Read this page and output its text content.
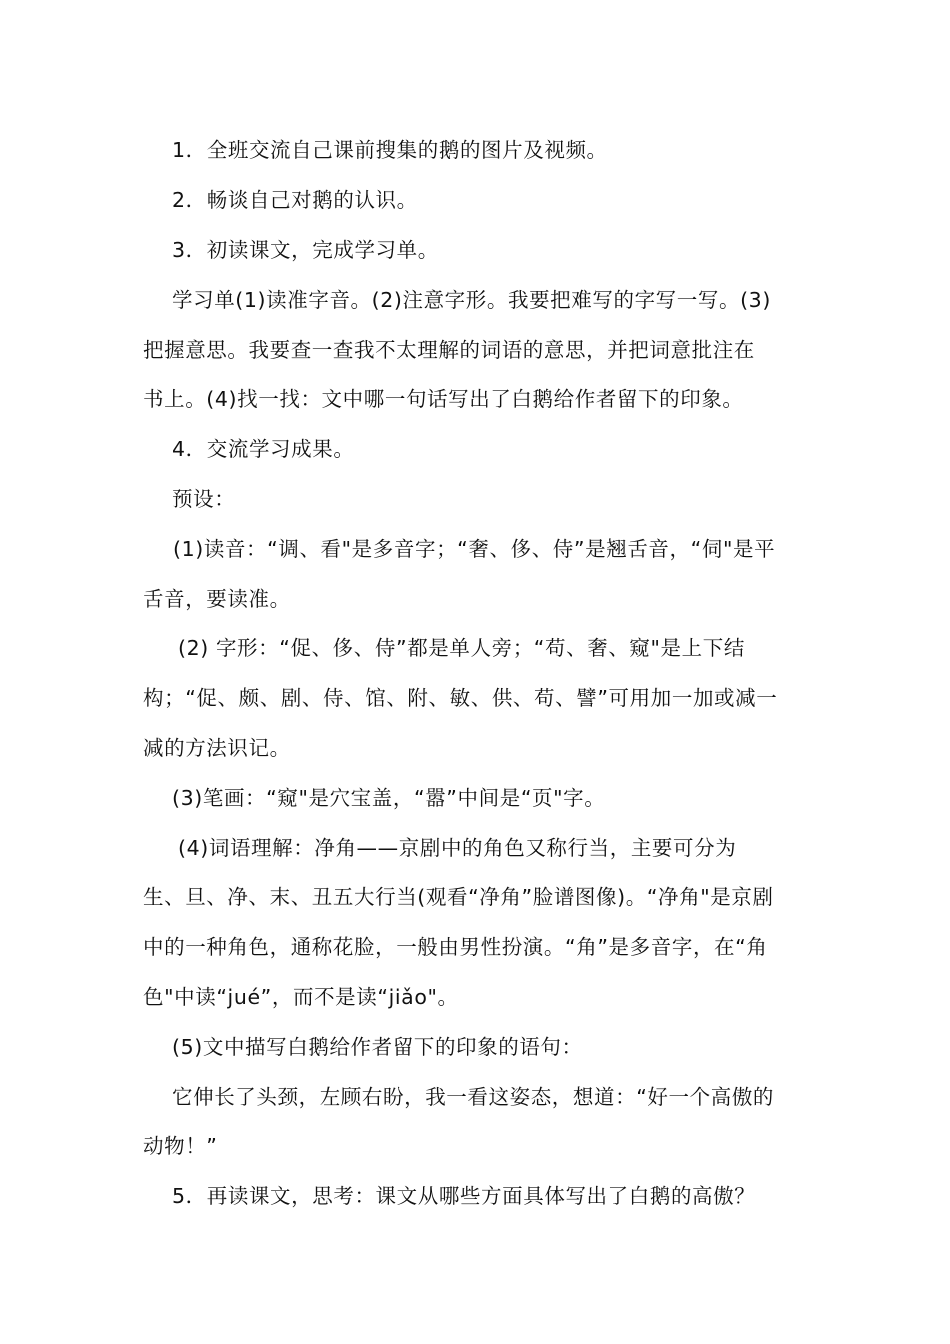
1．全班交流自己课前搜集的鹅的图片及视频。
2．畅谈自己对鹅的认识。
3．初读课文，完成学习单。
学习单(1)读准字音。(2)注意字形。我要把难写的字写一写。(3)
把握意思。我要查一查我不太理解的词语的意思，并把词意批注在
书上。(4)找一找：文中哪一句话写出了白鹅给作者留下的印象。
4．交流学习成果。
预设：
(1)读音：“调、看"是多音字；“奢、侈、侍”是翘舌音，“伺"是平
舌音，要读准。
(2) 字形：“促、侈、侍”都是单人旁；“苟、奢、窥"是上下结
构；“促、颇、剧、侍、馆、附、敏、供、苟、譬”可用加一加或减一
减的方法识记。
(3)笔画：“窥"是穴宝盖，“嚣”中间是“页"字。
(4)词语理解：净角——京剧中的角色又称行当，主要可分为
生、旦、净、末、丑五大行当(观看“净角”脸谱图像)。“净角"是京剧
中的一种角色，通称花脸，一般由男性扮演。“角”是多音字，在“角
色"中读“jué”，而不是读“jiǎo"。
(5)文中描写白鹅给作者留下的印象的语句：
它伸长了头颈，左顾右盼，我一看这姿态，想道：“好一个高傲的
动物！”
5．再读课文，思考：课文从哪些方面具体写出了白鹅的高傲？
